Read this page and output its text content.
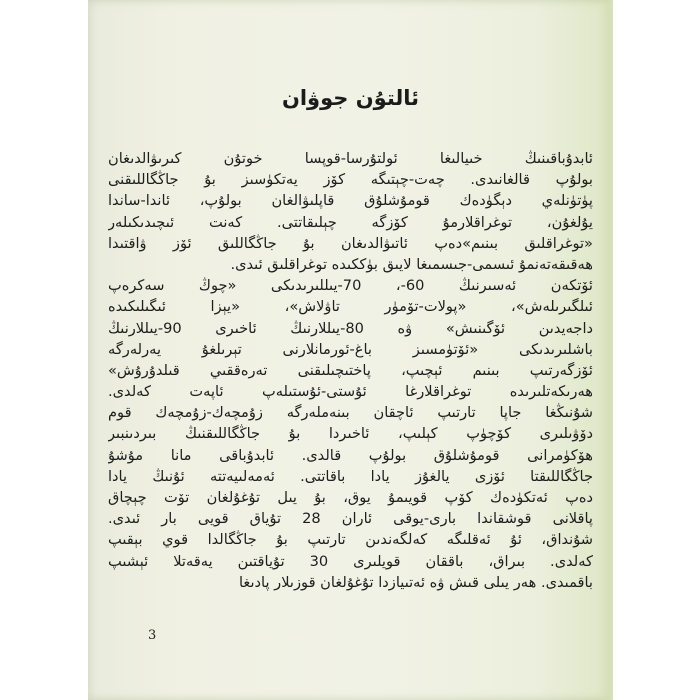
ئالتۇن جوۋان
ئابدۇباقىنىڭ خىيالىغا ئولتۇرسا-قوپسا خوتۇن كىرىۋالدىغان
بولۇپ قالغانىدى. چەت-چېتىگە كۆز يەتكۈسىز بۇ جاڭگاللىقنى
پۈتۈنلەي دېگۈدەك قومۇشلۇق قاپلىۋالغان بولۇپ، ئاندا-ساندا
يۇلغۇن، توغراقلارمۇ كۆزگە چېلىقاتتى. كەنت ئىچىدىكىلەر
«توغراقلىق بىنىم»دەپ ئاتىۋالدىغان بۇ جاڭگاللىق ئۆز ۋاقتىدا
ھەقىقەتەنمۇ ئىسمى-جىسمىغا لايىق بۈككىدە توغراقلىق ئىدى.
ئۆتكەن ئەسىرنىڭ 60-، 70-يىللىرىدىكى «چوڭ سەكرەپ
ئىلگىرىلەش»، «پولات-تۆمۈر تاۋلاش»، «يېزا ئىگىلىكىدە
داجەيدىن ئۆگىنىش» ۋە 80-يىللارنىڭ ئاخىرى 90-يىللارنىڭ
باشلىرىدىكى «ئۆتۈمسىز باغ-ئورمانلارنى تېرىلغۇ يەرلەرگە
ئۆزگەرتىپ بىنىم ئېچىپ، پاختىچىلىقنى تەرەققىي قىلدۇرۇش»
ھەرىكەتلىرىدە توغراقلارغا ئۇستى-ئۇستىلەپ ئاپەت كەلدى.
شۇنىڭغا جاپا تارتىپ ئاچقان بىنەملەرگە زۇمچەك-زۇمچەك قوم
دۆۋىلىرى كۆچۈپ كېلىپ، ئاخىردا بۇ جاڭگاللىقنىڭ بىردىنبىر
ھۆكۈمرانى قومۇشلۇق بولۇپ قالدى. ئابدۇباقى مانا مۇشۇ
جاڭگاللىقتا ئۆزى يالغۇز يادا باقاتتى. ئەمەلىيەتتە ئۇنىڭ يادا
دەپ ئەتكۈدەك كۆپ قويىمۇ يوق، بۇ يىل تۇغۇلغان تۆت چېچاق
پاقلانى قوشقاندا بارى-يوقى ئاران 28 تۇياق قويى بار ئىدى.
شۇنداق، ئۇ ئەقلىگە كەلگەندىن تارتىپ بۇ جاڭگالدا قوي بېقىپ
كەلدى. بىراق، باققان قويلىرى 30 تۇياقتىن يەقەتلا ئېشىپ
باقمىدى. ھەر يىلى قىش ۋە ئەتىيازدا تۇغۇلغان قوزىلار پادىغا
3
